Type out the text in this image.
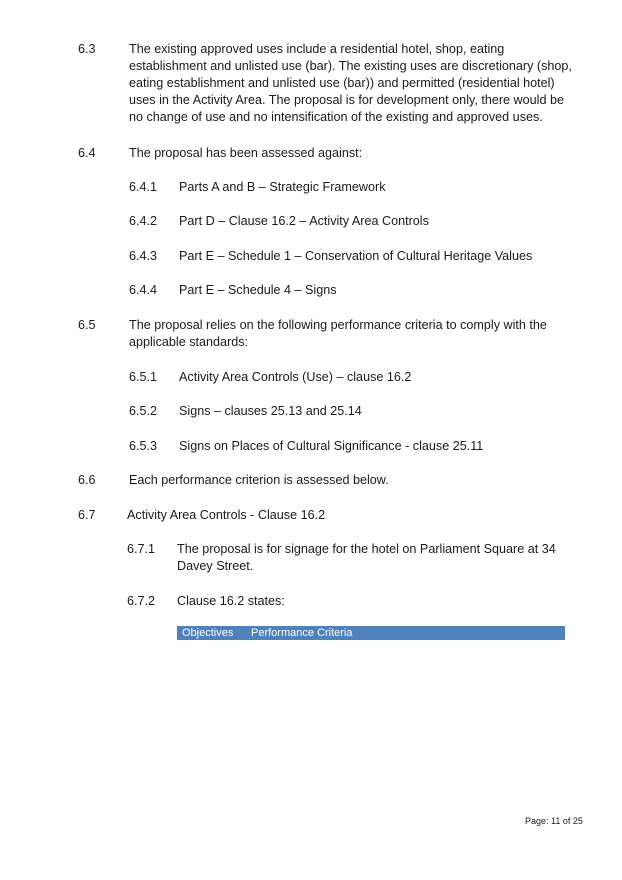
6.3	The existing approved uses include a residential hotel, shop, eating establishment and unlisted use (bar). The existing uses are discretionary (shop, eating establishment and unlisted use (bar)) and permitted (residential hotel) uses in the Activity Area. The proposal is for development only, there would be no change of use and no intensification of the existing and approved uses.
6.4	The proposal has been assessed against:
6.4.1 Parts A and B – Strategic Framework
6.4.2 Part D – Clause 16.2 – Activity Area Controls
6.4.3 Part E – Schedule 1 – Conservation of Cultural Heritage Values
6.4.4 Part E – Schedule 4 – Signs
6.5	The proposal relies on the following performance criteria to comply with the applicable standards:
6.5.1 Activity Area Controls (Use) – clause 16.2
6.5.2 Signs – clauses 25.13 and 25.14
6.5.3 Signs on Places of Cultural Significance - clause 25.11
6.6	Each performance criterion is assessed below.
6.7 Activity Area Controls - Clause 16.2
6.7.1 The proposal is for signage for the hotel on Parliament Square at 34 Davey Street.
6.7.2 Clause 16.2 states:
Objectives Performance Criteria
Page: 11 of 25
